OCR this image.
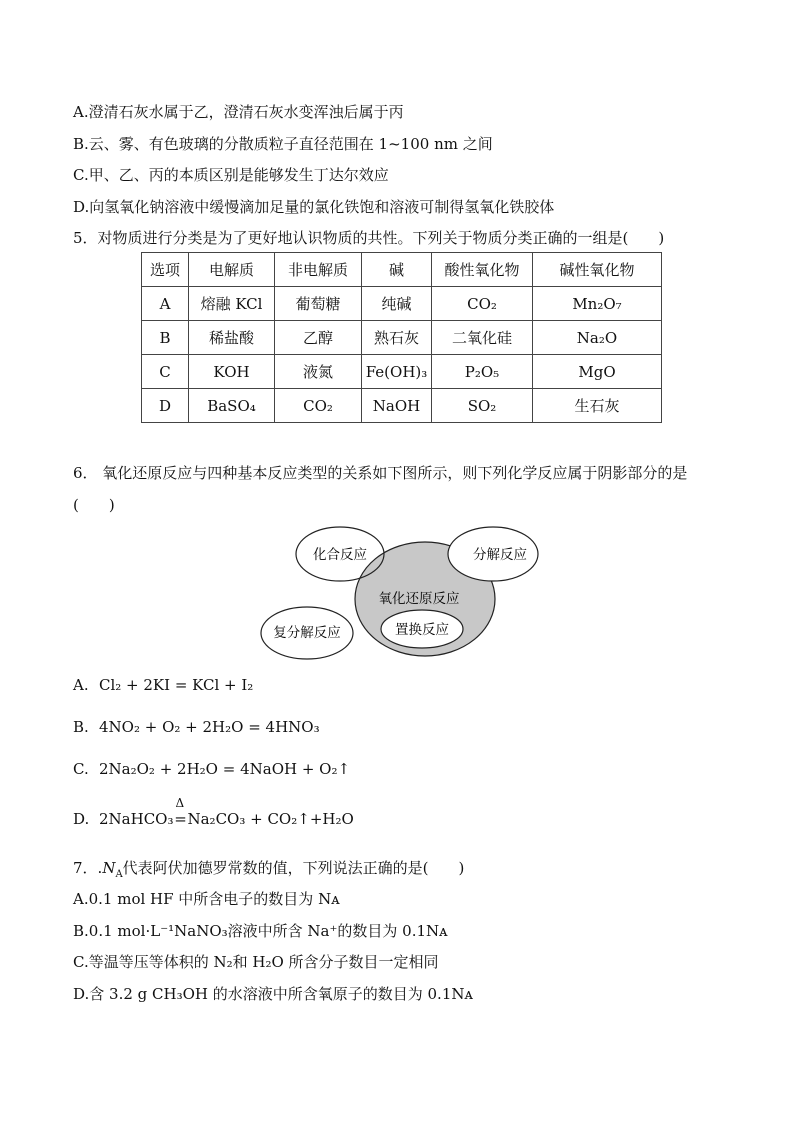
A.澄清石灰水属于乙，澄清石灰水变浑浊后属于丙
B.云、雾、有色玻璃的分散质粒子直径范围在 1~100 nm 之间
C.甲、乙、丙的本质区别是能够发生丁达尔效应
D.向氢氧化钠溶液中缓慢滴加足量的氯化铁饱和溶液可制得氢氧化铁胶体
5．对物质进行分类是为了更好地认识物质的共性。下列关于物质分类正确的一组是(　　)
选项	电解质	非电解质	碱	酸性氧化物	碱性氧化物
A	熔融 KCl	葡萄糖	纯碱	CO₂	Mn₂O₇
B	稀盐酸	乙醇	熟石灰	二氧化硅	Na₂O
C	KOH	液氮	Fe(OH)₃	P₂O₅	MgO
D	BaSO₄	CO₂	NaOH	SO₂	生石灰
6． 氧化还原反应与四种基本反应类型的关系如下图所示，则下列化学反应属于阴影部分的是
(　　)
化合反应	分解反应
氧化还原反应
置换反应
复分解反应
A. Cl₂ + 2KI = KCl + I₂
B. 4NO₂ + O₂ + 2H₂O = 4HNO₃
C. 2Na₂O₂ + 2H₂O = 4NaOH + O₂↑
D. 2NaHCO₃
Δ
=Na₂CO₃ + CO₂↑+H₂O
7．$.N_A$代表阿伏加德罗常数的值，下列说法正确的是(　　)
A.0.1 mol HF 中所含电子的数目为 Nᴀ
B.0.1 mol·L⁻¹NaNO₃溶液中所含 Na⁺的数目为 0.1Nᴀ
C.等温等压等体积的 N₂和 H₂O 所含分子数目一定相同
D.含 3.2 g CH₃OH 的水溶液中所含氧原子的数目为 0.1Nᴀ
